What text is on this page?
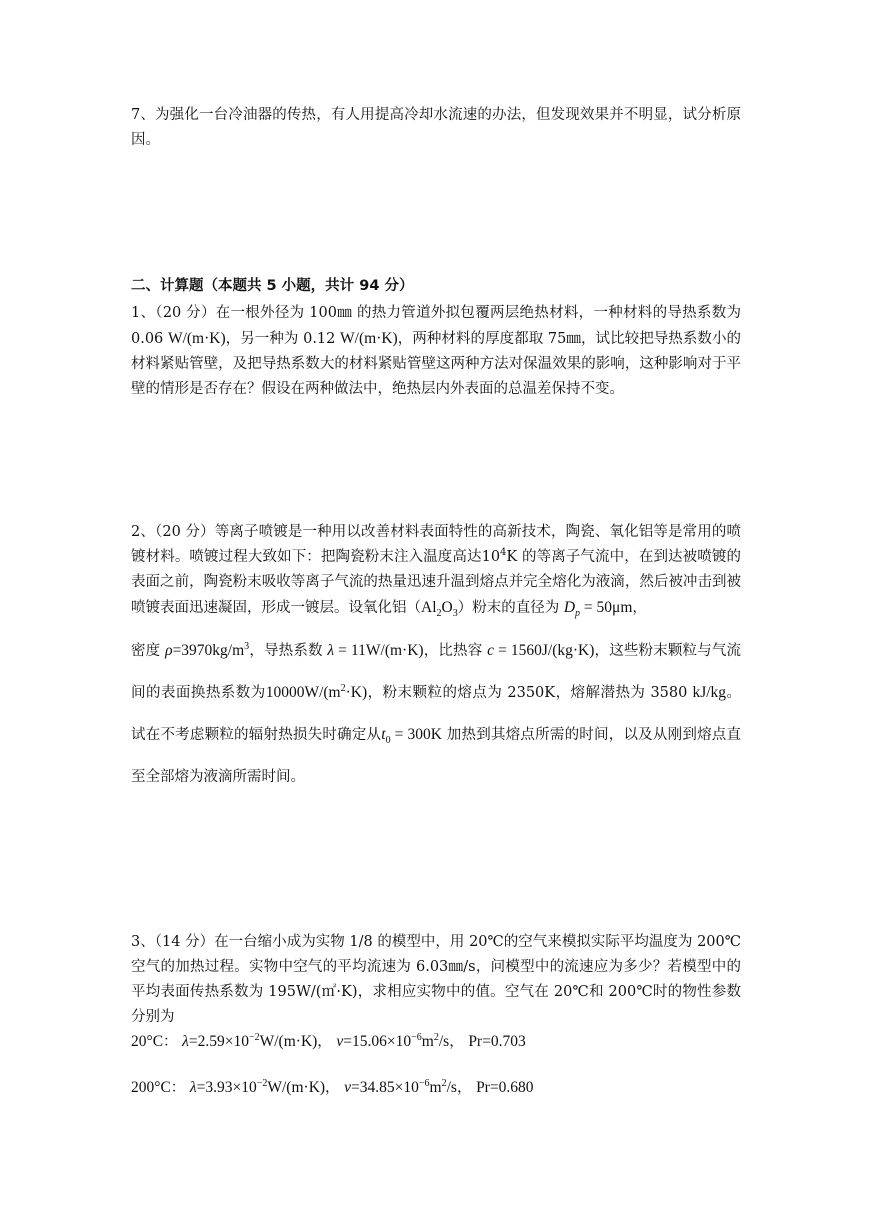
7、为强化一台冷油器的传热，有人用提高冷却水流速的办法，但发现效果并不明显，试分析原因。

二、计算题（本题共 5 小题，共计 94 分）

1、（20 分）在一根外径为 100㎜ 的热力管道外拟包覆两层绝热材料，一种材料的导热系数为 0.06 W/(m·K)，另一种为 0.12 W/(m·K)，两种材料的厚度都取 75㎜，试比较把导热系数小的材料紧贴管壁，及把导热系数大的材料紧贴管壁这两种方法对保温效果的影响，这种影响对于平壁的情形是否存在？假设在两种做法中，绝热层内外表面的总温差保持不变。

2、（20 分）等离子喷镀是一种用以改善材料表面特性的高新技术，陶瓷、氧化铝等是常用的喷镀材料。喷镀过程大致如下：把陶瓷粉末注入温度高达$10^4K$ 的等离子气流中，在到达被喷镀的表面之前，陶瓷粉末吸收等离子气流的热量迅速升温到熔点并完全熔化为液滴，然后被冲击到被喷镀表面迅速凝固，形成一镀层。设氧化铝$(Al_2O_3)$粉末的直径为 $D_p = 50\mu m$，
密度 $\rho=3970kg/m^3$，导热系数 λ = 11W/(m·K)，比热容 c = 1560J/(kg·K)，这些粉末颗粒与气流间的表面换热系数为$10000W/(m^2\cdot K)$，粉末颗粒的熔点为 2350K，熔解潜热为 3580 kJ/kg。试在不考虑颗粒的辐射热损失时确定从$t_0 = 300K$ 加热到其熔点所需的时间，以及从刚到熔点直至全部熔为液滴所需时间。

3、（14 分）在一台缩小成为实物 1/8 的模型中，用 20℃的空气来模拟实际平均温度为 200℃空气的加热过程。实物中空气的平均流速为 6.03㎜/s，问模型中的流速应为多少？若模型中的平均表面传热系数为 195W/(㎡·K)，求相应实物中的值。空气在 20℃和 200℃时的物性参数分别为

20°C： $\lambda=2.59\times 10^{-2}W/(m\cdot K)$， $\nu=15.06\times 10^{-6}m^2/s$， Pr=0.703
200°C： $\lambda=3.93\times 10^{-2}W/(m\cdot K)$， $\nu=34.85\times 10^{-6}m^2/s$， Pr=0.680
